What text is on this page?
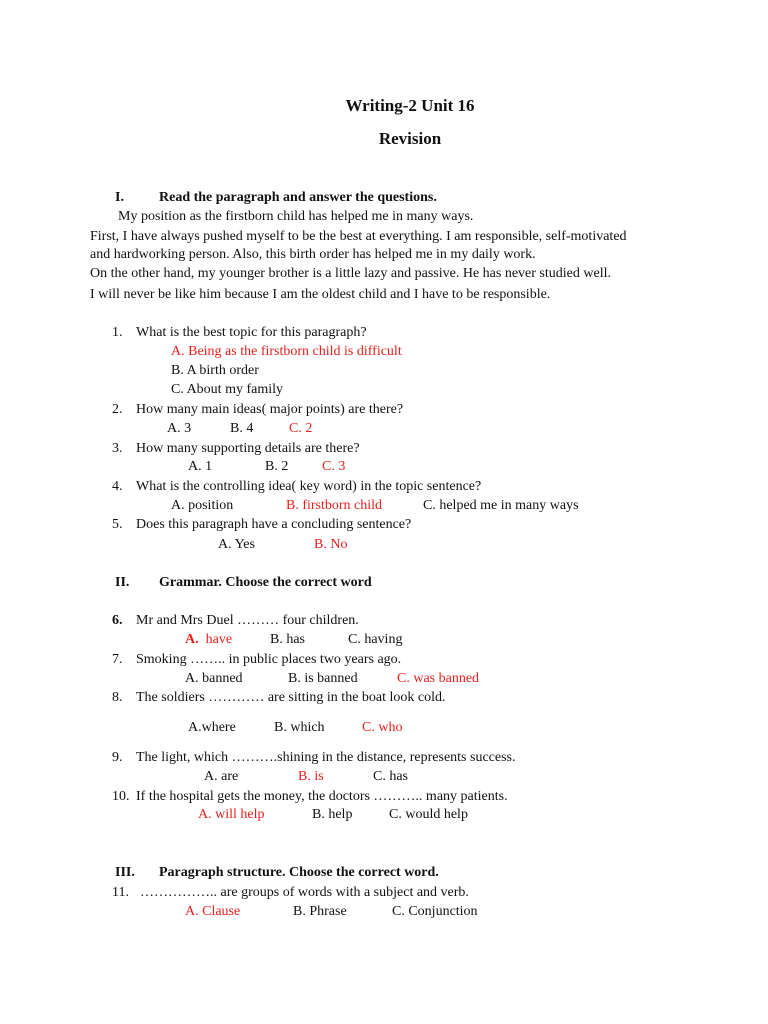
Writing-2 Unit 16
Revision
I.	Read the paragraph and answer the questions.
My position as the firstborn child has helped me in many ways.
First, I have always pushed myself to be the best at everything. I am responsible, self-motivated
and hardworking person. Also, this birth order has helped me in my daily work.
On the other hand, my younger brother is a little lazy and passive. He has never studied well.
I will never be like him because I am the oldest child and I have to be responsible.
1. What is the best topic for this paragraph?
A. Being as the firstborn child is difficult
B. A birth order
C. About my family
2. How many main ideas( major points) are there?
A. 3	B. 4	C. 2
3. How many supporting details are there?
A. 1	B. 2 C. 3
4. What is the controlling idea( key word) in the topic sentence?
A. position	B. firstborn child	C. helped me in many ways
5. Does this paragraph have a concluding sentence?
A. Yes	B. No
II. Grammar. Choose the correct word
6. Mr and Mrs Duel ……… four children.
A. have	B. has	C. having
7. Smoking …….. in public places two years ago.
A. banned	B. is banned	C. was banned
8. The soldiers ………… are sitting in the boat look cold.
A.where	B. which	C. who
9. The light, which ……….shining in the distance, represents success.
A. are	B. is	C. has
10. If the hospital gets the money, the doctors ……….. many patients.
A. will help	B. help	C. would help
III. Paragraph structure. Choose the correct word.
11. …………….. are groups of words with a subject and verb.
A. Clause	B. Phrase	C. Conjunction
